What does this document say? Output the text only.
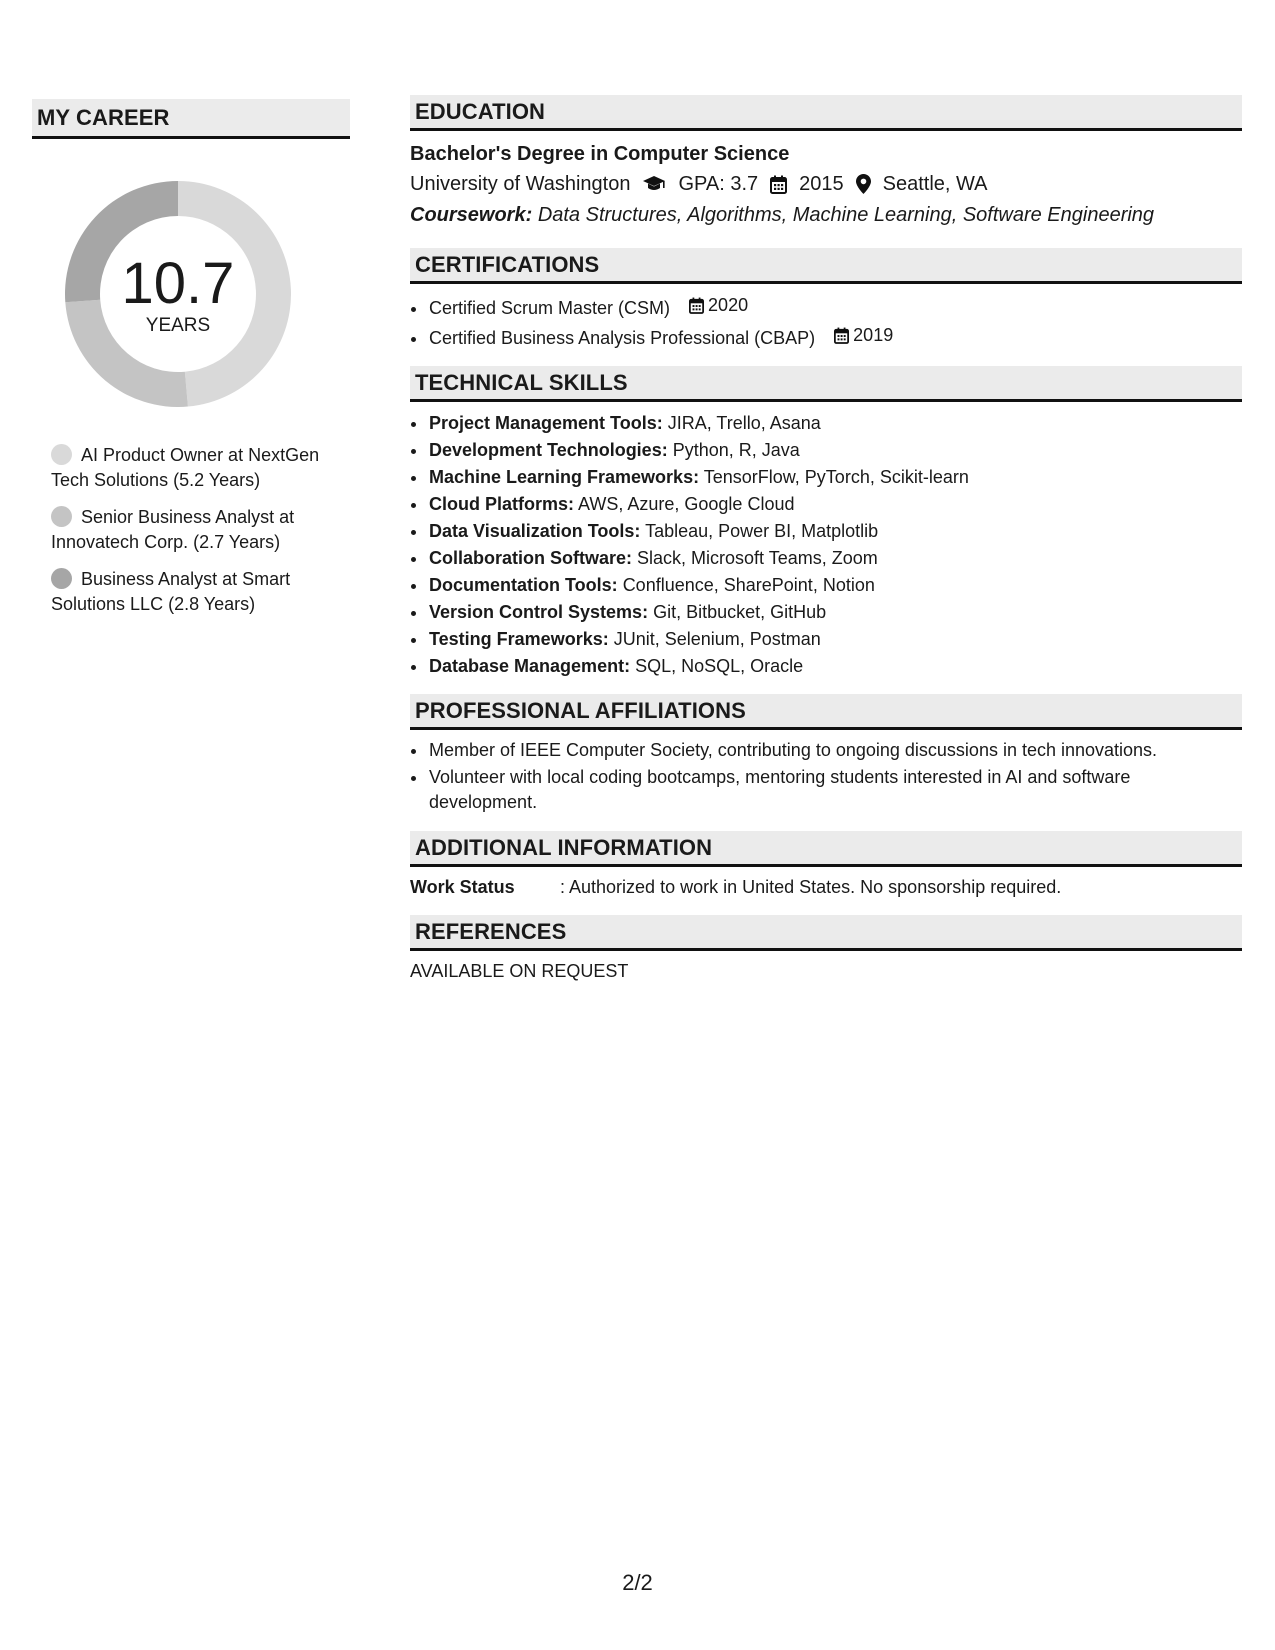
MY CAREER
10.7
YEARS
AI Product Owner at NextGen Tech Solutions (5.2 Years)
Senior Business Analyst at Innovatech Corp. (2.7 Years)
Business Analyst at Smart Solutions LLC (2.8 Years)
EDUCATION
Bachelor's Degree in Computer Science
University of Washington GPA: 3.7 2015 Seattle, WA
Coursework: Data Structures, Algorithms, Machine Learning, Software Engineering
CERTIFICATIONS
• Certified Scrum Master (CSM) 2020
• Certified Business Analysis Professional (CBAP) 2019
TECHNICAL SKILLS
• Project Management Tools: JIRA, Trello, Asana
• Development Technologies: Python, R, Java
• Machine Learning Frameworks: TensorFlow, PyTorch, Scikit-learn
• Cloud Platforms: AWS, Azure, Google Cloud
• Data Visualization Tools: Tableau, Power BI, Matplotlib
• Collaboration Software: Slack, Microsoft Teams, Zoom
• Documentation Tools: Confluence, SharePoint, Notion
• Version Control Systems: Git, Bitbucket, GitHub
• Testing Frameworks: JUnit, Selenium, Postman
• Database Management: SQL, NoSQL, Oracle
PROFESSIONAL AFFILIATIONS
• Member of IEEE Computer Society, contributing to ongoing discussions in tech innovations.
• Volunteer with local coding bootcamps, mentoring students interested in AI and software development.
ADDITIONAL INFORMATION
Work Status	: Authorized to work in United States. No sponsorship required.
REFERENCES
AVAILABLE ON REQUEST
2/2
